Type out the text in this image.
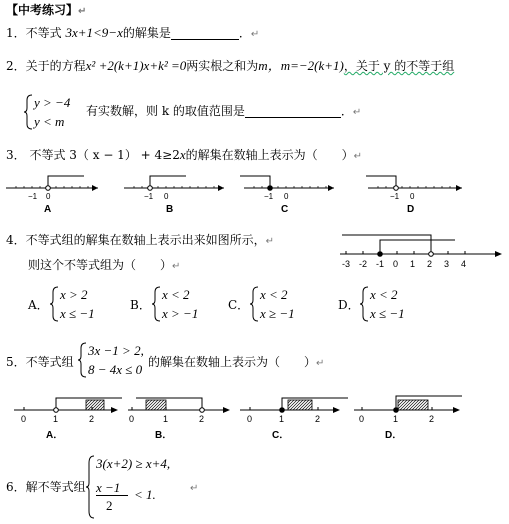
【中考练习】↵
1．不等式 3x+1<9−x的解集是	．↵
2．关于的方程x² +2(k+1)x+k² =0两实根之和为m，m=−2(k+1)，关于 y 的不等于组
y > −4
y < m
有实数解，则 k 的取值范围是	．↵
3． 不等式 3（ x − 1） + 4≥2x的解集在数轴上表示为（　　）↵
−1 0
A
−1 0
B
−1 0
C
−1 0
D
4．不等式组的解集在数轴上表示出来如图所示，↵
则这个不等式组为（　　）↵	-3 -2 -1 0 1 2 3 4
A．
x > 2
x ≤ −1
B．
x < 2
x > −1
C．
x < 2
x ≥ −1
D．
x < 2
x ≤ −1
5．不等式组
3x −1 > 2,
8 − 4x ≤ 0 的解集在数轴上表示为（　　）↵
0	1	2
A．
0	1	2
B．
0	1	2
C．
0	1	2
D．
6．解不等式组
3(x+2) ≥ x+4,
x −1
2
< 1.	↵
